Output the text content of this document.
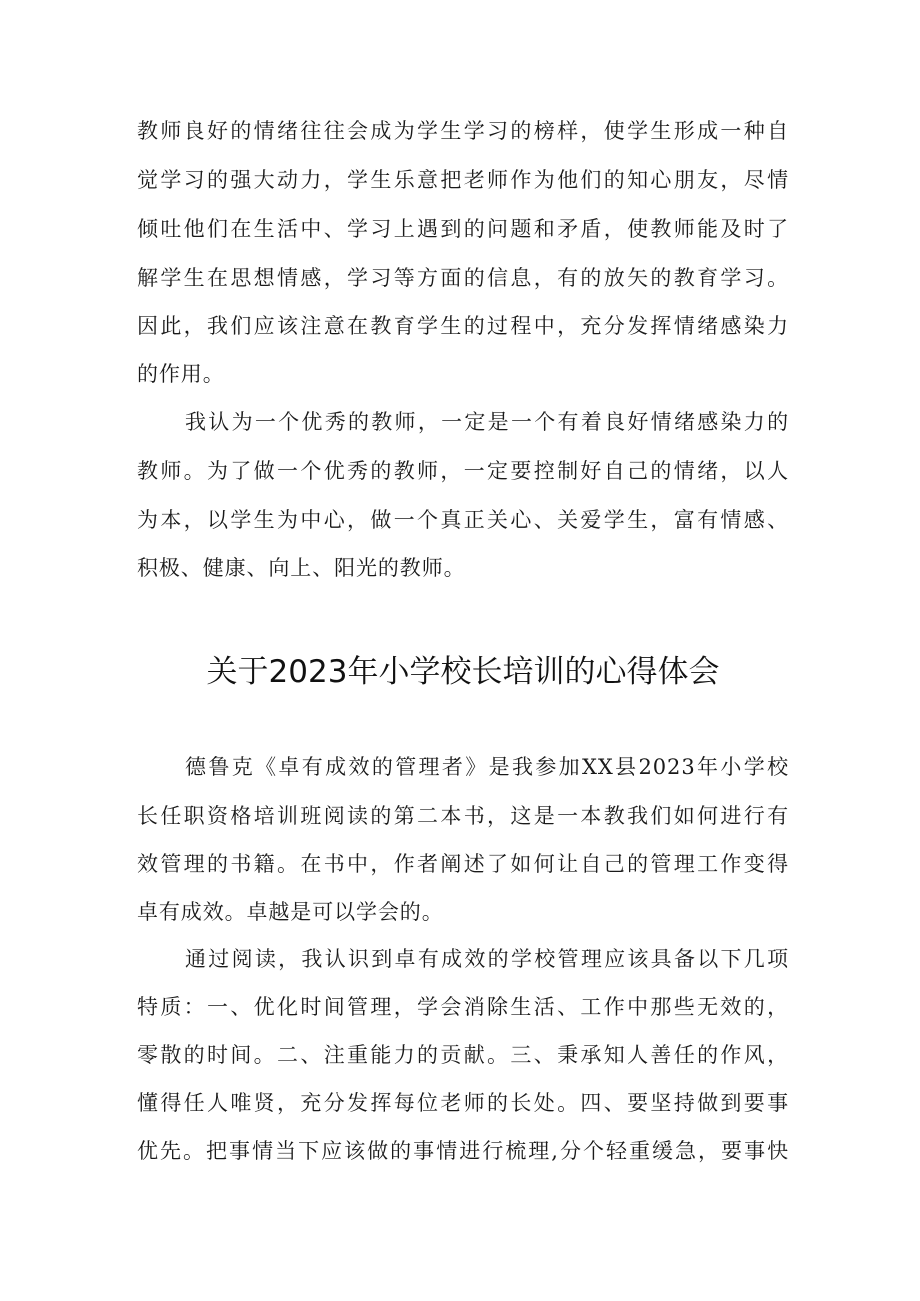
教师良好的情绪往往会成为学生学习的榜样，使学生形成一种自
觉学习的强大动力，学生乐意把老师作为他们的知心朋友，尽情
倾吐他们在生活中、学习上遇到的问题和矛盾，使教师能及时了
解学生在思想情感，学习等方面的信息，有的放矢的教育学习。
因此，我们应该注意在教育学生的过程中，充分发挥情绪感染力
的作用。
我认为一个优秀的教师，一定是一个有着良好情绪感染力的
教师。为了做一个优秀的教师，一定要控制好自己的情绪，以人
为本，以学生为中心，做一个真正关心、关爱学生，富有情感、
积极、健康、向上、阳光的教师。
关于2023年小学校长培训的心得体会
德鲁克《卓有成效的管理者》是我参加XX县2023年小学校
长任职资格培训班阅读的第二本书，这是一本教我们如何进行有
效管理的书籍。在书中，作者阐述了如何让自己的管理工作变得
卓有成效。卓越是可以学会的。
通过阅读，我认识到卓有成效的学校管理应该具备以下几项
特质：一、优化时间管理，学会消除生活、工作中那些无效的，
零散的时间。二、注重能力的贡献。三、秉承知人善任的作风，
懂得任人唯贤，充分发挥每位老师的长处。四、要坚持做到要事
优先。把事情当下应该做的事情进行梳理,分个轻重缓急，要事快
